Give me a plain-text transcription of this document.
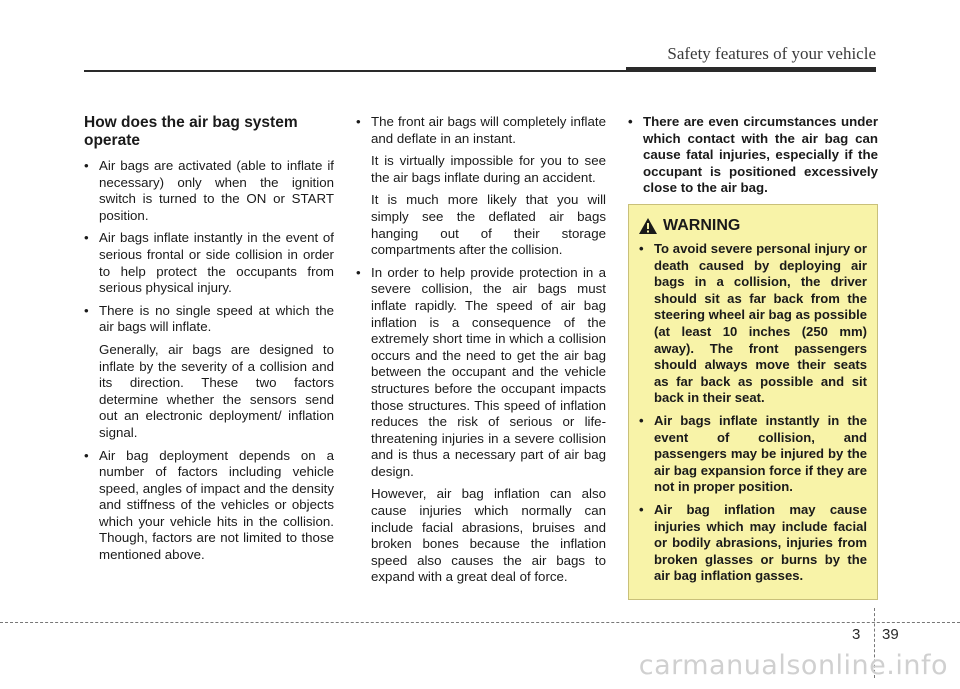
Safety features of your vehicle
How does the air bag system operate
• Air bags are activated (able to inflate if necessary) only when the ignition switch is turned to the ON or START position.
• Air bags inflate instantly in the event of serious frontal or side collision in order to help protect the occupants from serious physical injury.
• There is no single speed at which the air bags will inflate.

Generally, air bags are designed to inflate by the severity of a collision and its direction. These two factors determine whether the sensors send out an electronic deployment/ inflation signal.

• Air bag deployment depends on a number of factors including vehicle speed, angles of impact and the density and stiffness of the vehicles or objects which your vehicle hits in the collision. Though, factors are not limited to those mentioned above.
• The front air bags will completely inflate and deflate in an instant.

It is virtually impossible for you to see the air bags inflate during an accident.

It is much more likely that you will simply see the deflated air bags hanging out of their storage compartments after the collision.

• In order to help provide protection in a severe collision, the air bags must inflate rapidly. The speed of air bag inflation is a consequence of the extremely short time in which a collision occurs and the need to get the air bag between the occupant and the vehicle structures before the occupant impacts those structures. This speed of inflation reduces the risk of serious or life-threatening injuries in a severe collision and is thus a necessary part of air bag design.

However, air bag inflation can also cause injuries which normally can include facial abrasions, bruises and broken bones because the inflation speed also causes the air bags to expand with a great deal of force.

• There are even circumstances under which contact with the air bag can cause fatal injuries, especially if the occupant is positioned excessively close to the air bag.
WARNING
• To avoid severe personal injury or death caused by deploying air bags in a collision, the driver should sit as far back from the steering wheel air bag as possible (at least 10 inches (250 mm) away). The front passengers should always move their seats as far back as possible and sit back in their seat.
• Air bags inflate instantly in the event of collision, and passengers may be injured by the air bag expansion force if they are not in proper position.
• Air bag inflation may cause injuries which may include facial or bodily abrasions, injuries from broken glasses or burns by the air bag inflation gasses.
3 39
carmanualsonline.info
